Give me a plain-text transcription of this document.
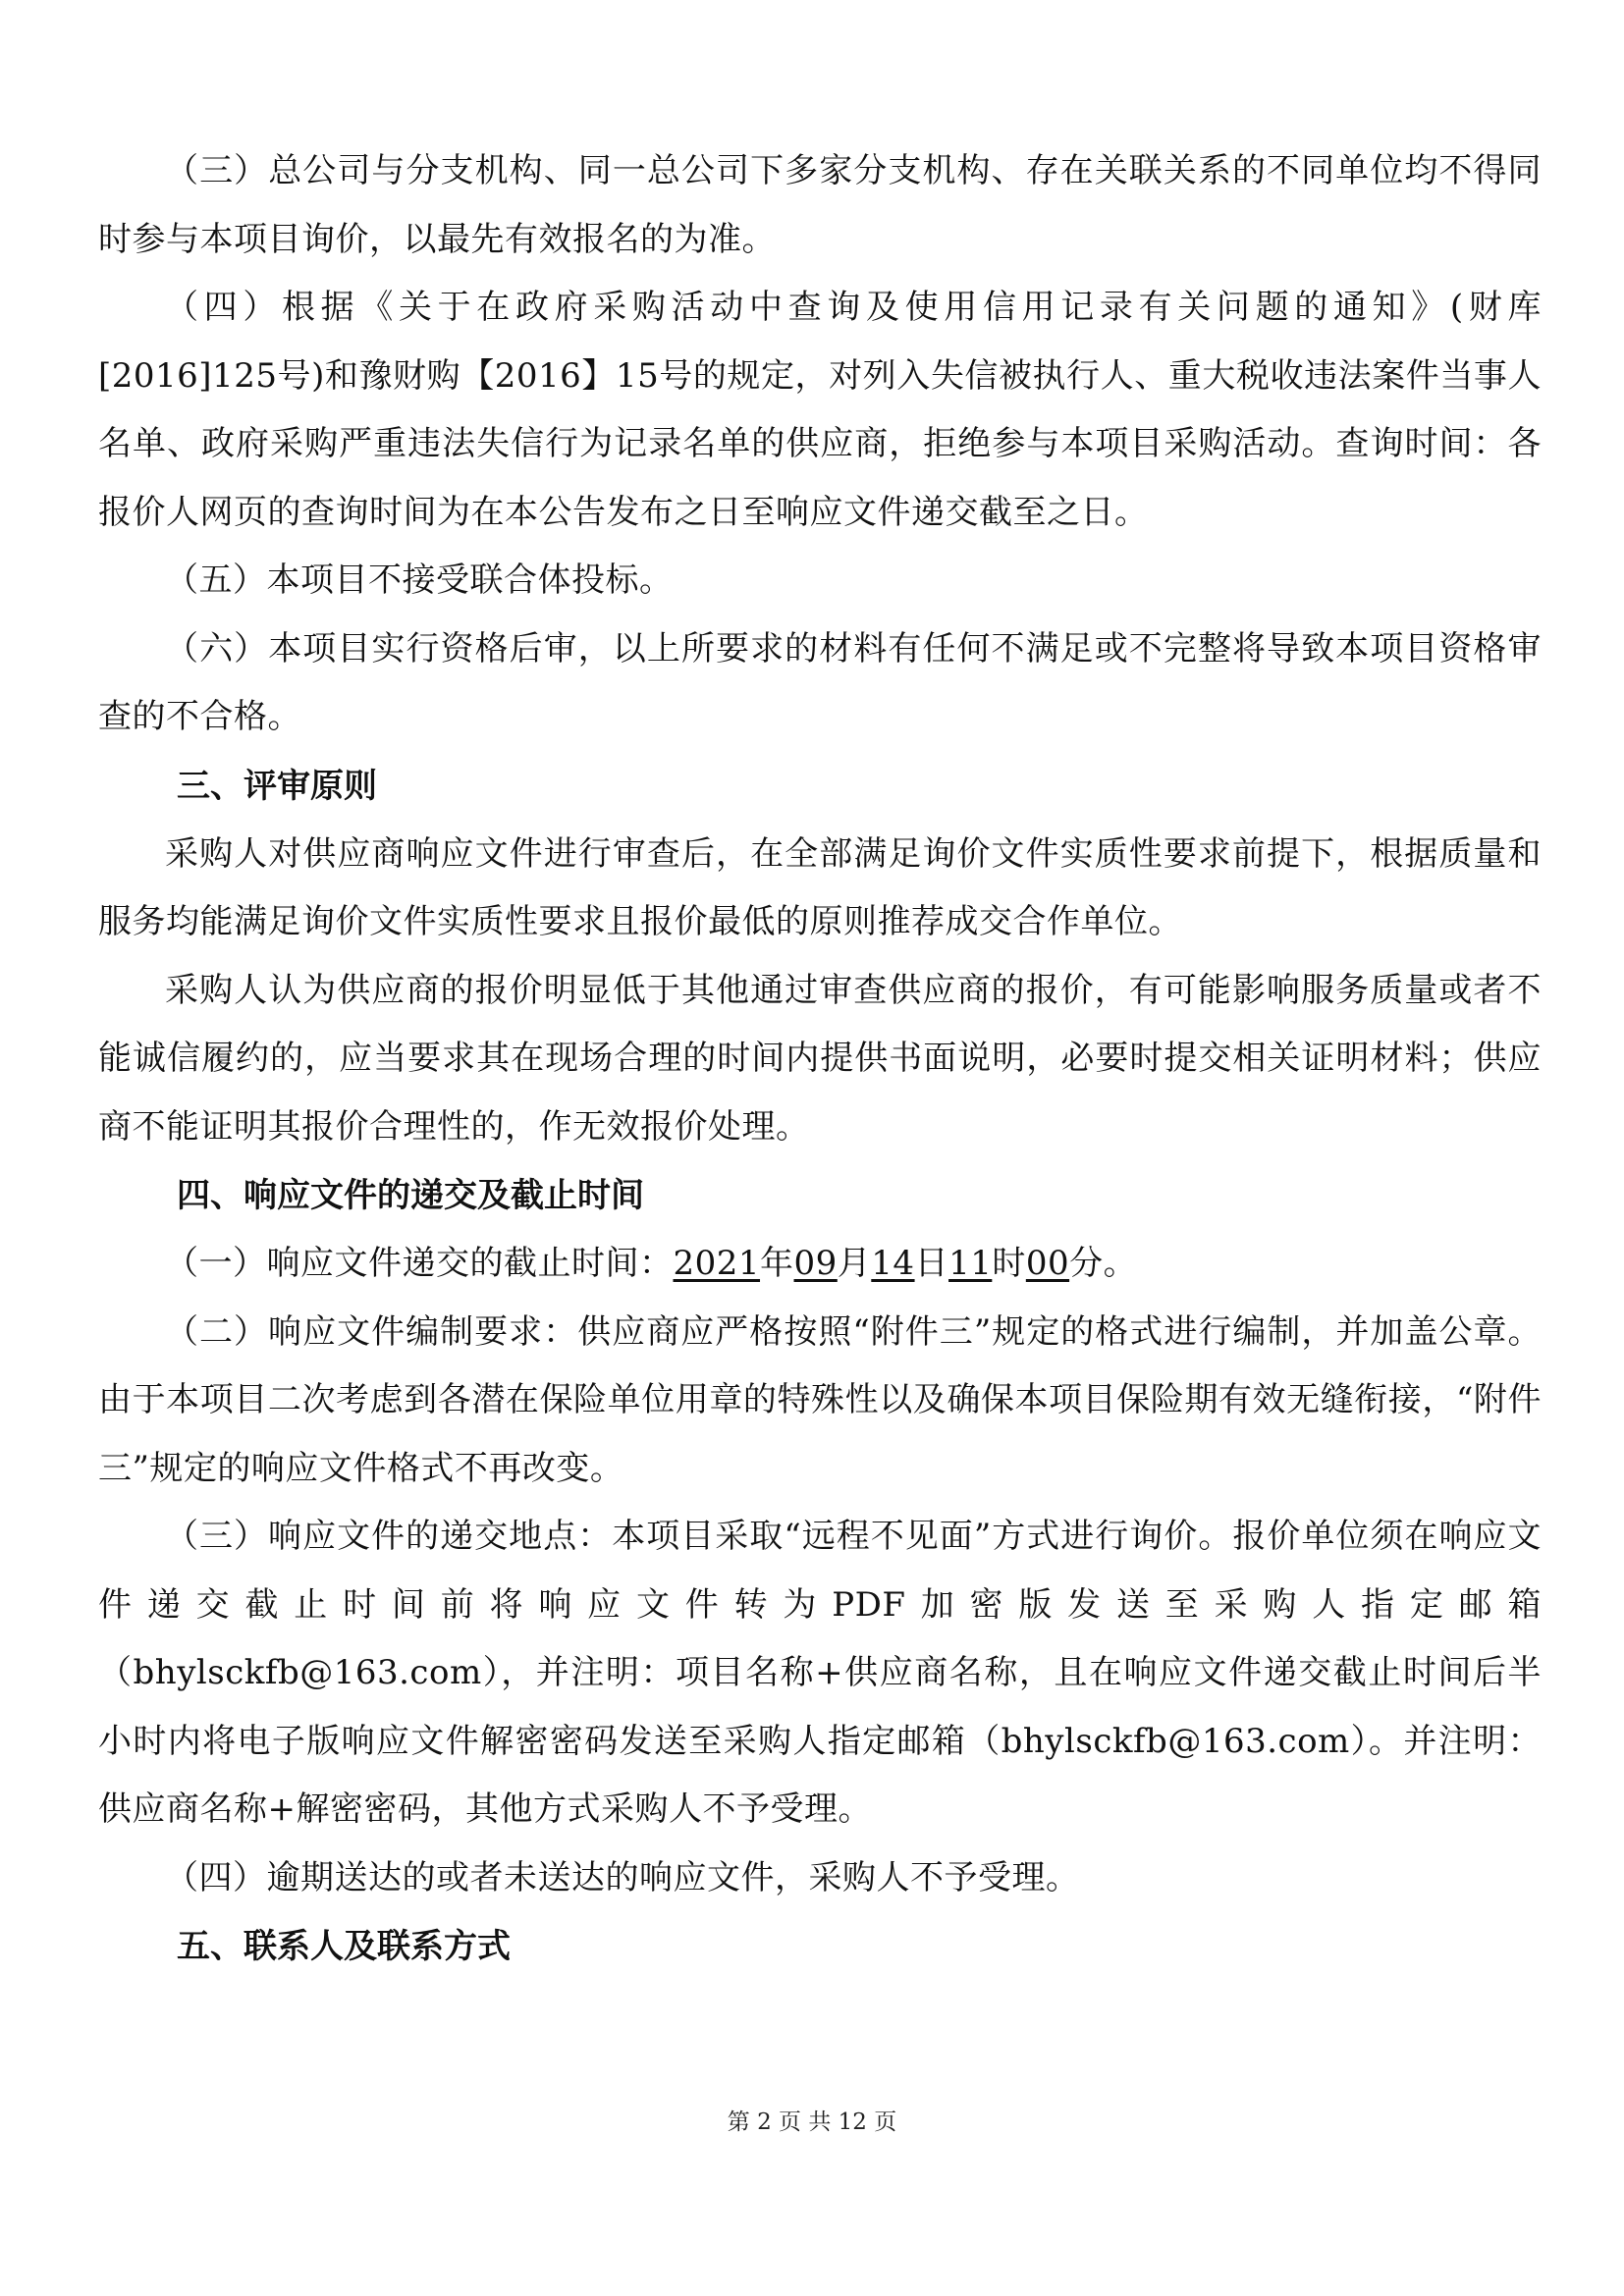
（三）总公司与分支机构、同一总公司下多家分支机构、存在关联关系的不同单位均不得同时参与本项目询价，以最先有效报名的为准。

（四）根据《关于在政府采购活动中查询及使用信用记录有关问题的通知》(财库[2016]125号)和豫财购【2016】15号的规定，对列入失信被执行人、重大税收违法案件当事人名单、政府采购严重违法失信行为记录名单的供应商，拒绝参与本项目采购活动。查询时间：各报价人网页的查询时间为在本公告发布之日至响应文件递交截至之日。

（五）本项目不接受联合体投标。

（六）本项目实行资格后审，以上所要求的材料有任何不满足或不完整将导致本项目资格审查的不合格。

三、评审原则

采购人对供应商响应文件进行审查后，在全部满足询价文件实质性要求前提下，根据质量和服务均能满足询价文件实质性要求且报价最低的原则推荐成交合作单位。

采购人认为供应商的报价明显低于其他通过审查供应商的报价，有可能影响服务质量或者不能诚信履约的，应当要求其在现场合理的时间内提供书面说明，必要时提交相关证明材料；供应商不能证明其报价合理性的，作无效报价处理。

四、响应文件的递交及截止时间

（一）响应文件递交的截止时间：2021年09月14日11时00分。

（二）响应文件编制要求：供应商应严格按照“附件三”规定的格式进行编制，并加盖公章。由于本项目二次考虑到各潜在保险单位用章的特殊性以及确保本项目保险期有效无缝衔接，“附件三”规定的响应文件格式不再改变。

（三）响应文件的递交地点：本项目采取“远程不见面”方式进行询价。报价单位须在响应文件递交截止时间前将响应文件转为PDF加密版发送至采购人指定邮箱（bhylsckfb@163.com），并注明：项目名称+供应商名称，且在响应文件递交截止时间后半小时内将电子版响应文件解密密码发送至采购人指定邮箱（bhylsckfb@163.com）。并注明：供应商名称+解密密码，其他方式采购人不予受理。

（四）逾期送达的或者未送达的响应文件，采购人不予受理。

五、联系人及联系方式

第 2 页 共 12 页
